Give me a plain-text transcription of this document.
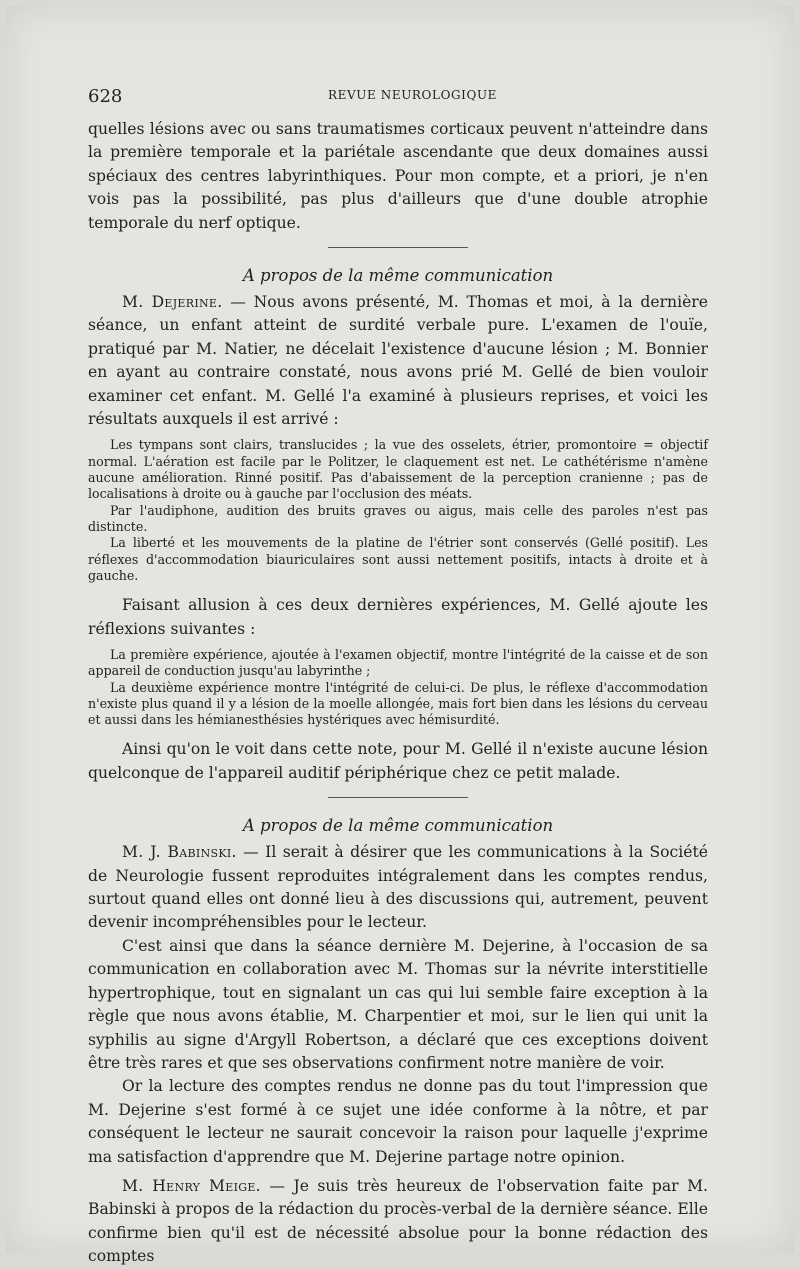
628	REVUE NEUROLOGIQUE

quelles lésions avec ou sans traumatismes corticaux peuvent n'atteindre dans la première temporale et la pariétale ascendante que deux domaines aussi spéciaux des centres labyrinthiques. Pour mon compte, et a priori, je n'en vois pas la possibilité, pas plus d'ailleurs que d'une double atrophie temporale du nerf optique.

A propos de la même communication

M. Dejerine. — Nous avons présenté, M. Thomas et moi, à la dernière séance, un enfant atteint de surdité verbale pure. L'examen de l'ouïe, pratiqué par M. Natier, ne décelait l'existence d'aucune lésion ; M. Bonnier en ayant au contraire constaté, nous avons prié M. Gellé de bien vouloir examiner cet enfant. M. Gellé l'a examiné à plusieurs reprises, et voici les résultats auxquels il est arrivé :

Les tympans sont clairs, translucides ; la vue des osselets, étrier, promontoire = objectif normal. L'aération est facile par le Politzer, le claquement est net. Le cathétérisme n'amène aucune amélioration. Rinné positif. Pas d'abaissement de la perception cranienne ; pas de localisations à droite ou à gauche par l'occlusion des méats.

Par l'audiphone, audition des bruits graves ou aigus, mais celle des paroles n'est pas distincte.

La liberté et les mouvements de la platine de l'étrier sont conservés (Gellé positif). Les réflexes d'accommodation biauriculaires sont aussi nettement positifs, intacts à droite et à gauche.

Faisant allusion à ces deux dernières expériences, M. Gellé ajoute les réflexions suivantes :

La première expérience, ajoutée à l'examen objectif, montre l'intégrité de la caisse et de son appareil de conduction jusqu'au labyrinthe ;

La deuxième expérience montre l'intégrité de celui-ci. De plus, le réflexe d'accommodation n'existe plus quand il y a lésion de la moelle allongée, mais fort bien dans les lésions du cerveau et aussi dans les hémianesthésies hystériques avec hémisurdité.

Ainsi qu'on le voit dans cette note, pour M. Gellé il n'existe aucune lésion quelconque de l'appareil auditif périphérique chez ce petit malade.

A propos de la même communication

M. J. Babinski. — Il serait à désirer que les communications à la Société de Neurologie fussent reproduites intégralement dans les comptes rendus, surtout quand elles ont donné lieu à des discussions qui, autrement, peuvent devenir incompréhensibles pour le lecteur.

C'est ainsi que dans la séance dernière M. Dejerine, à l'occasion de sa communication en collaboration avec M. Thomas sur la névrite interstitielle hypertrophique, tout en signalant un cas qui lui semble faire exception à la règle que nous avons établie, M. Charpentier et moi, sur le lien qui unit la syphilis au signe d'Argyll Robertson, a déclaré que ces exceptions doivent être très rares et que ses observations confirment notre manière de voir.

Or la lecture des comptes rendus ne donne pas du tout l'impression que M. Dejerine s'est formé à ce sujet une idée conforme à la nôtre, et par conséquent le lecteur ne saurait concevoir la raison pour laquelle j'exprime ma satisfaction d'apprendre que M. Dejerine partage notre opinion.

M. Henry Meige. — Je suis très heureux de l'observation faite par M. Babinski à propos de la rédaction du procès-verbal de la dernière séance. Elle confirme bien qu'il est de nécessité absolue pour la bonne rédaction des comptes
